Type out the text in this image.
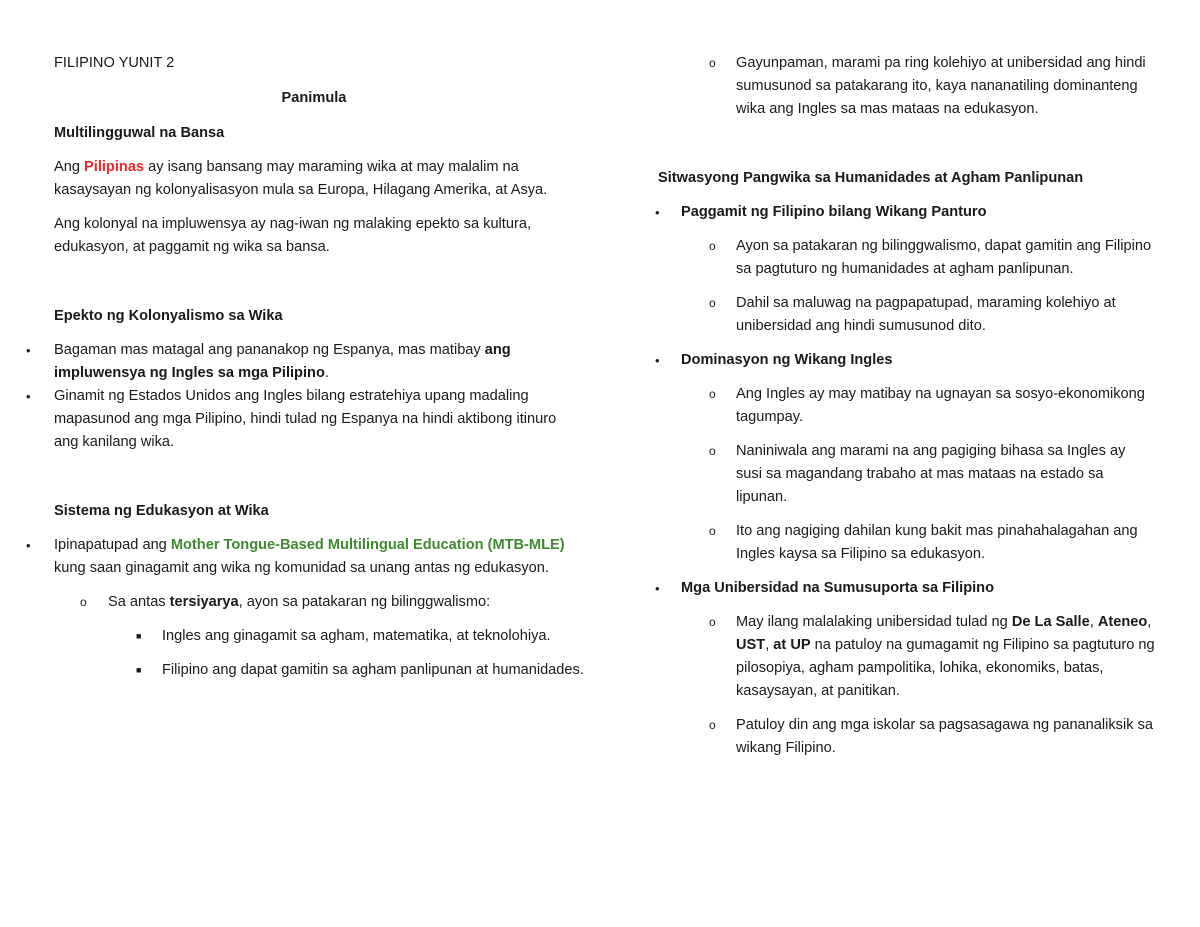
FILIPINO YUNIT 2

Panimula

Multilingguwal na Bansa

Ang Pilipinas ay isang bansang may maraming wika at may malalim na kasaysayan ng kolonyalisasyon mula sa Europa, Hilagang Amerika, at Asya.

Ang kolonyal na impluwensya ay nag-iwan ng malaking epekto sa kultura, edukasyon, at paggamit ng wika sa bansa.

Epekto ng Kolonyalismo sa Wika

• Bagaman mas matagal ang pananakop ng Espanya, mas matibay ang impluwensya ng Ingles sa mga Pilipino.
• Ginamit ng Estados Unidos ang Ingles bilang estratehiya upang madaling mapasunod ang mga Pilipino, hindi tulad ng Espanya na hindi aktibong itinuro ang kanilang wika.

Sistema ng Edukasyon at Wika

• Ipinapatupad ang Mother Tongue-Based Multilingual Education (MTB-MLE) kung saan ginagamit ang wika ng komunidad sa unang antas ng edukasyon.
o Sa antas tersiyarya, ayon sa patakaran ng bilinggwalismo:
■ Ingles ang ginagamit sa agham, matematika, at teknolohiya.
■ Filipino ang dapat gamitin sa agham panlipunan at humanidades.
o Gayunpaman, marami pa ring kolehiyo at unibersidad ang hindi sumusunod sa patakarang ito, kaya nananatiling dominanteng wika ang Ingles sa mas mataas na edukasyon.

Sitwasyong Pangwika sa Humanidades at Agham Panlipunan

• Paggamit ng Filipino bilang Wikang Panturo
o Ayon sa patakaran ng bilinggwalismo, dapat gamitin ang Filipino sa pagtuturo ng humanidades at agham panlipunan.
o Dahil sa maluwag na pagpapatupad, maraming kolehiyo at unibersidad ang hindi sumusunod dito.
• Dominasyon ng Wikang Ingles
o Ang Ingles ay may matibay na ugnayan sa sosyo-ekonomikong tagumpay.
o Naniniwala ang marami na ang pagiging bihasa sa Ingles ay susi sa magandang trabaho at mas mataas na estado sa lipunan.
o Ito ang nagiging dahilan kung bakit mas pinahahalagahan ang Ingles kaysa sa Filipino sa edukasyon.
• Mga Unibersidad na Sumusuporta sa Filipino
o May ilang malalaking unibersidad tulad ng De La Salle, Ateneo, UST, at UP na patuloy na gumagamit ng Filipino sa pagtuturo ng pilosopiya, agham pampolitika, lohika, ekonomiks, batas, kasaysayan, at panitikan.
o Patuloy din ang mga iskolar sa pagsasagawa ng pananaliksik sa wikang Filipino.
